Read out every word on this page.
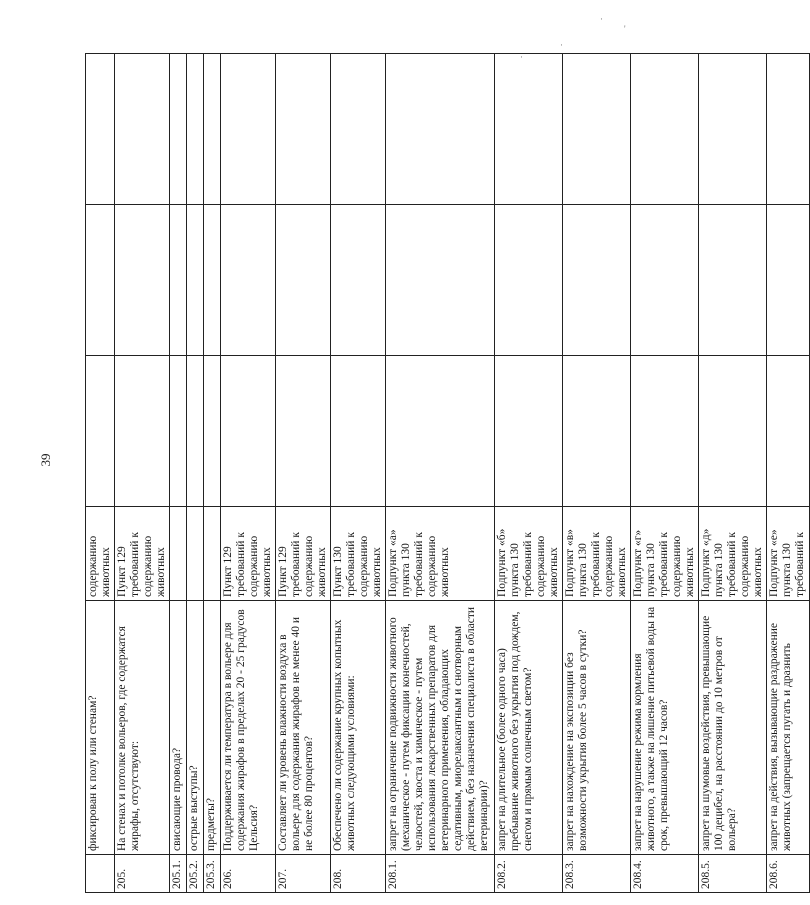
39
·
'
·
·
	фиксирован к полу или стенам?	содержанию животных			
205.	На стенах и потолке вольеров, где содержатся жирафы, отсутствуют:	Пункт 129 требований к содержанию животных			
205.1.	свисающие провода?				
205.2.	острые выступы?				
205.3.	предметы?				
206.	Поддерживается ли температура в вольере для содержания жирафов в пределах 20 - 25 градусов Цельсия?	Пункт 129 требований к содержанию животных			
207.	Составляет ли уровень влажности воздуха в вольере для содержания жирафов не менее 40 и не более 80 процентов?	Пункт 129 требований к содержанию животных			
208.	Обеспечено ли содержание крупных копытных животных следующими условиями:	Пункт 130 требований к содержанию животных			
208.1.	запрет на ограничение подвижности животного (механическое - путем фиксации конечностей, челюстей, хвоста и химическое - путем использования лекарственных препаратов для ветеринарного применения, обладающих седативным, миорелаксантным и снотворным действием, без назначения специалиста в области ветеринарии)?	Подпункт «а» пункта 130 требований к содержанию животных			
208.2.	запрет на длительное (более одного часа) пребывание животного без укрытия под дождем, снегом и прямым солнечным светом?	Подпункт «б» пункта 130 требований к содержанию животных			
208.3.	запрет на нахождение на экспозиции без возможности укрытия более 5 часов в сутки?	Подпункт «в» пункта 130 требований к содержанию животных			
208.4.	запрет на нарушение режима кормления животного, а также на лишение питьевой воды на срок, превышающий 12 часов?	Подпункт «г» пункта 130 требований к содержанию животных			
208.5.	запрет на шумовые воздействия, превышающие 100 децибел, на расстоянии до 10 метров от вольера?	Подпункт «д» пункта 130 требований к содержанию животных			
208.6.	запрет на действия, вызывающие раздражение животных (запрещается пугать и дразнить	Подпункт «е» пункта 130 требований к			
